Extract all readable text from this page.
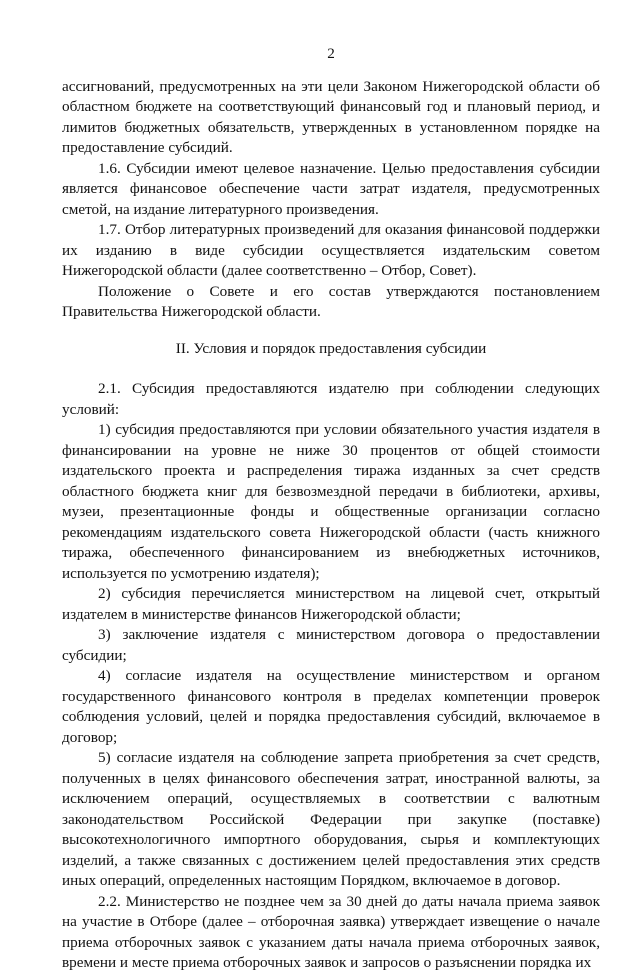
2

ассигнований, предусмотренных на эти цели Законом Нижегородской области об областном бюджете на соответствующий финансовый год и плановый период, и лимитов бюджетных обязательств, утвержденных в установленном порядке на предоставление субсидий.

1.6. Субсидии имеют целевое назначение. Целью предоставления субсидии является финансовое обеспечение части затрат издателя, предусмотренных сметой, на издание литературного произведения.

1.7. Отбор литературных произведений для оказания финансовой поддержки их изданию в виде субсидии осуществляется издательским советом Нижегородской области (далее соответственно – Отбор, Совет).

Положение о Совете и его состав утверждаются постановлением Правительства Нижегородской области.

II. Условия и порядок предоставления субсидии

2.1. Субсидия предоставляются издателю при соблюдении следующих условий:

1) субсидия предоставляются при условии обязательного участия издателя в финансировании на уровне не ниже 30 процентов от общей стоимости издательского проекта и распределения тиража изданных за счет средств областного бюджета книг для безвозмездной передачи в библиотеки, архивы, музеи, презентационные фонды и общественные организации согласно рекомендациям издательского совета Нижегородской области (часть книжного тиража, обеспеченного финансированием из внебюджетных источников, используется по усмотрению издателя);

2) субсидия перечисляется министерством на лицевой счет, открытый издателем в министерстве финансов Нижегородской области;

3) заключение издателя с министерством договора о предоставлении субсидии;

4) согласие издателя на осуществление министерством и органом государственного финансового контроля в пределах компетенции проверок соблюдения условий, целей и порядка предоставления субсидий, включаемое в договор;

5) согласие издателя на соблюдение запрета приобретения за счет средств, полученных в целях финансового обеспечения затрат, иностранной валюты, за исключением операций, осуществляемых в соответствии с валютным законодательством Российской Федерации при закупке (поставке) высокотехнологичного импортного оборудования, сырья и комплектующих изделий, а также связанных с достижением целей предоставления этих средств иных операций, определенных настоящим Порядком, включаемое в договор.

2.2. Министерство не позднее чем за 30 дней до даты начала приема заявок на участие в Отборе (далее – отборочная заявка) утверждает извещение о начале приема отборочных заявок с указанием даты начала приема отборочных заявок, времени и месте приема отборочных заявок и запросов о разъяснении порядка их
